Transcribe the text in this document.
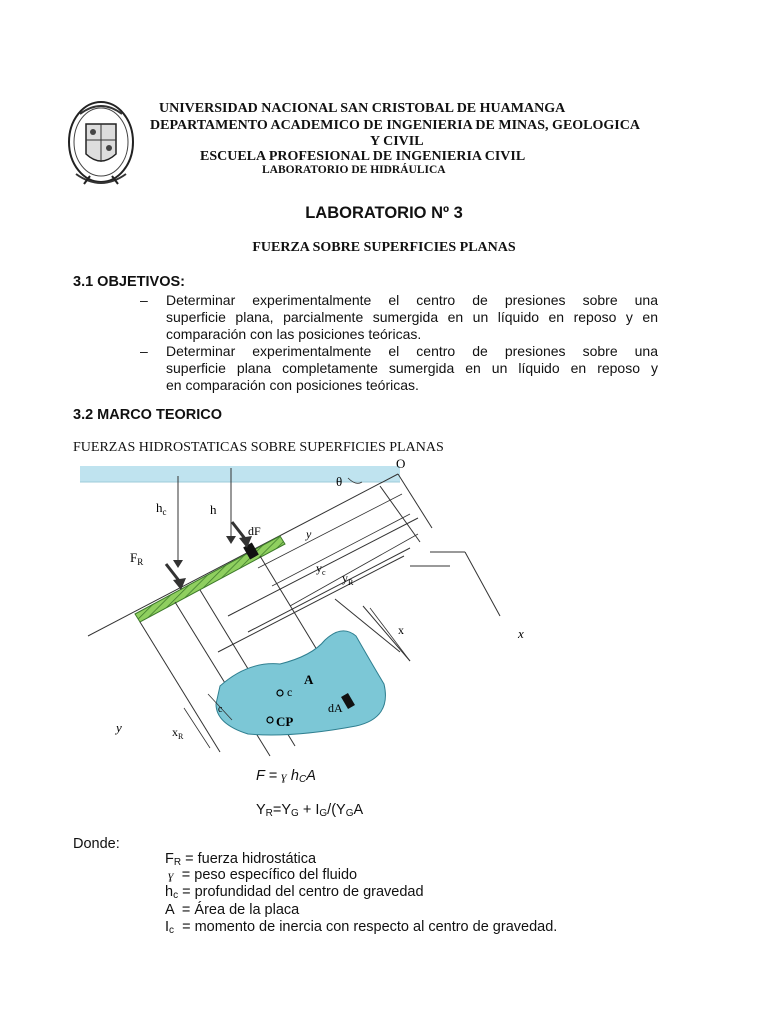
UNIVERSIDAD NACIONAL SAN CRISTOBAL DE HUAMANGA
DEPARTAMENTO ACADEMICO DE INGENIERIA DE MINAS, GEOLOGICA
Y CIVIL
ESCUELA PROFESIONAL DE INGENIERIA CIVIL
LABORATORIO DE HIDRÁULICA
LABORATORIO Nº 3
FUERZA SOBRE SUPERFICIES PLANAS
3.1 OBJETIVOS:
– Determinar experimentalmente el centro de presiones sobre una
superficie plana, parcialmente sumergida en un líquido en reposo y en
comparación con las posiciones teóricas.
– Determinar experimentalmente el centro de presiones sobre una
superficie plana completamente sumergida en un líquido en reposo y
en comparación con posiciones teóricas.
3.2 MARCO TEORICO
FUERZAS HIDROSTATICAS SOBRE SUPERFICIES PLANAS
O
θ
$h_c$	h
dF
$F_R$
y
$y_c$ $y_R$
x	x
A
dA
c
CP
c
$x_R$
y
F = ɣ $h_CA$
$Y_R=Y_G + I_G/(Y_GA$
Donde:
$F_R$ = fuerza hidrostática
ɣ  = peso específico del fluido
$h_c$ = profundidad del centro de gravedad
A  = Área de la placa
$I_c$  = momento de inercia con respecto al centro de gravedad.
